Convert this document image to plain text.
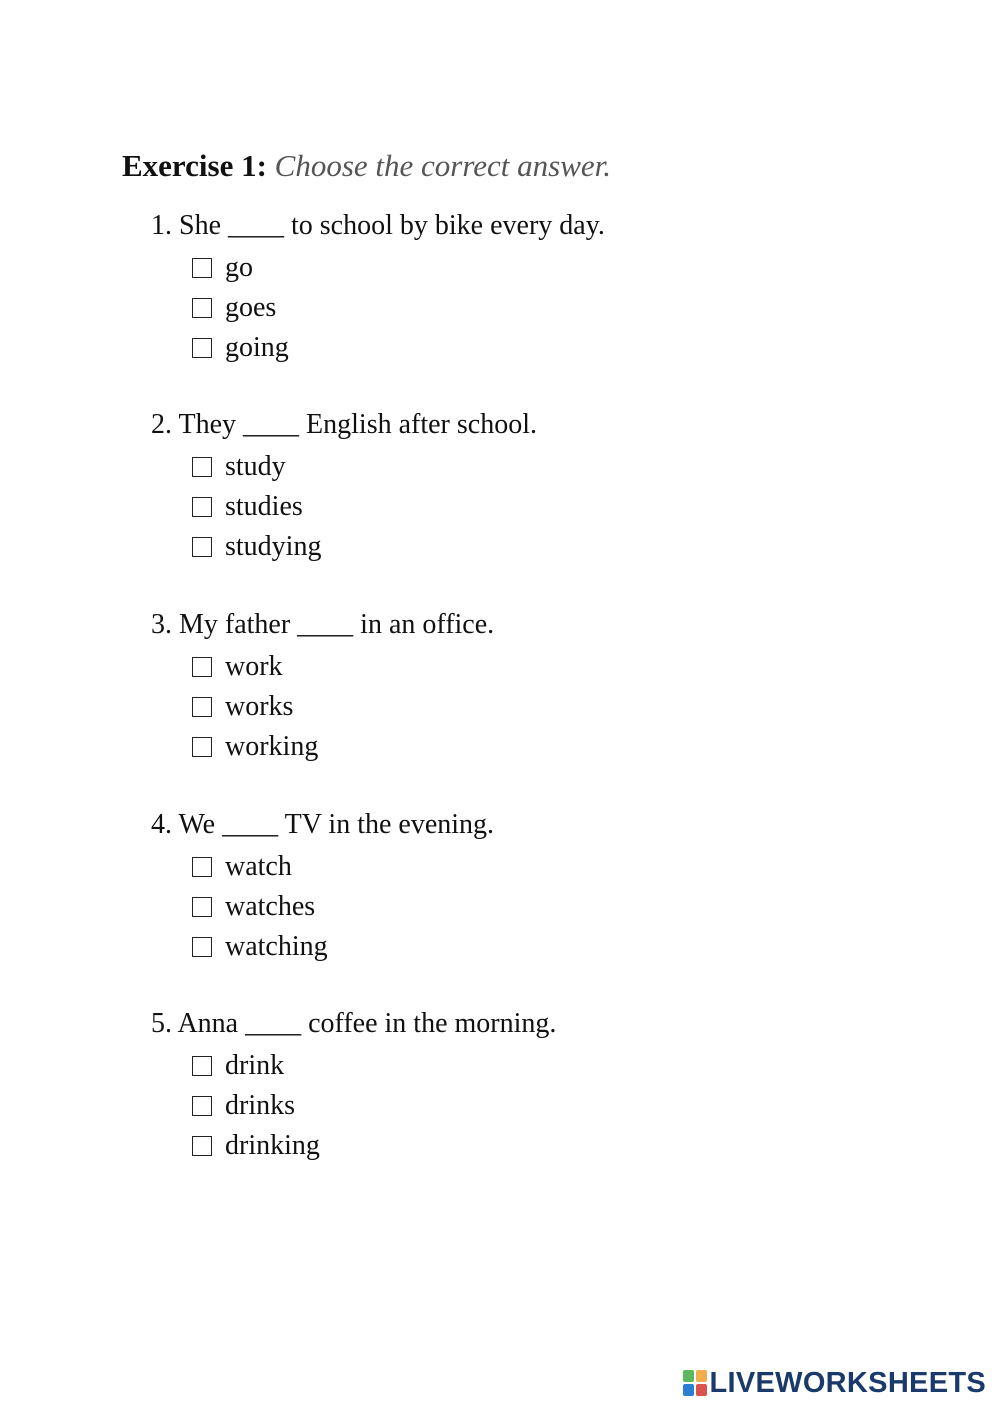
Exercise 1: Choose the correct answer.
1. She ____ to school by bike every day.
go
goes
going
2. They ____ English after school.
study
studies
studying
3. My father ____ in an office.
work
works
working
4. We ____ TV in the evening.
watch
watches
watching
5. Anna ____ coffee in the morning.
drink
drinks
drinking
LIVEWORKSHEETS
